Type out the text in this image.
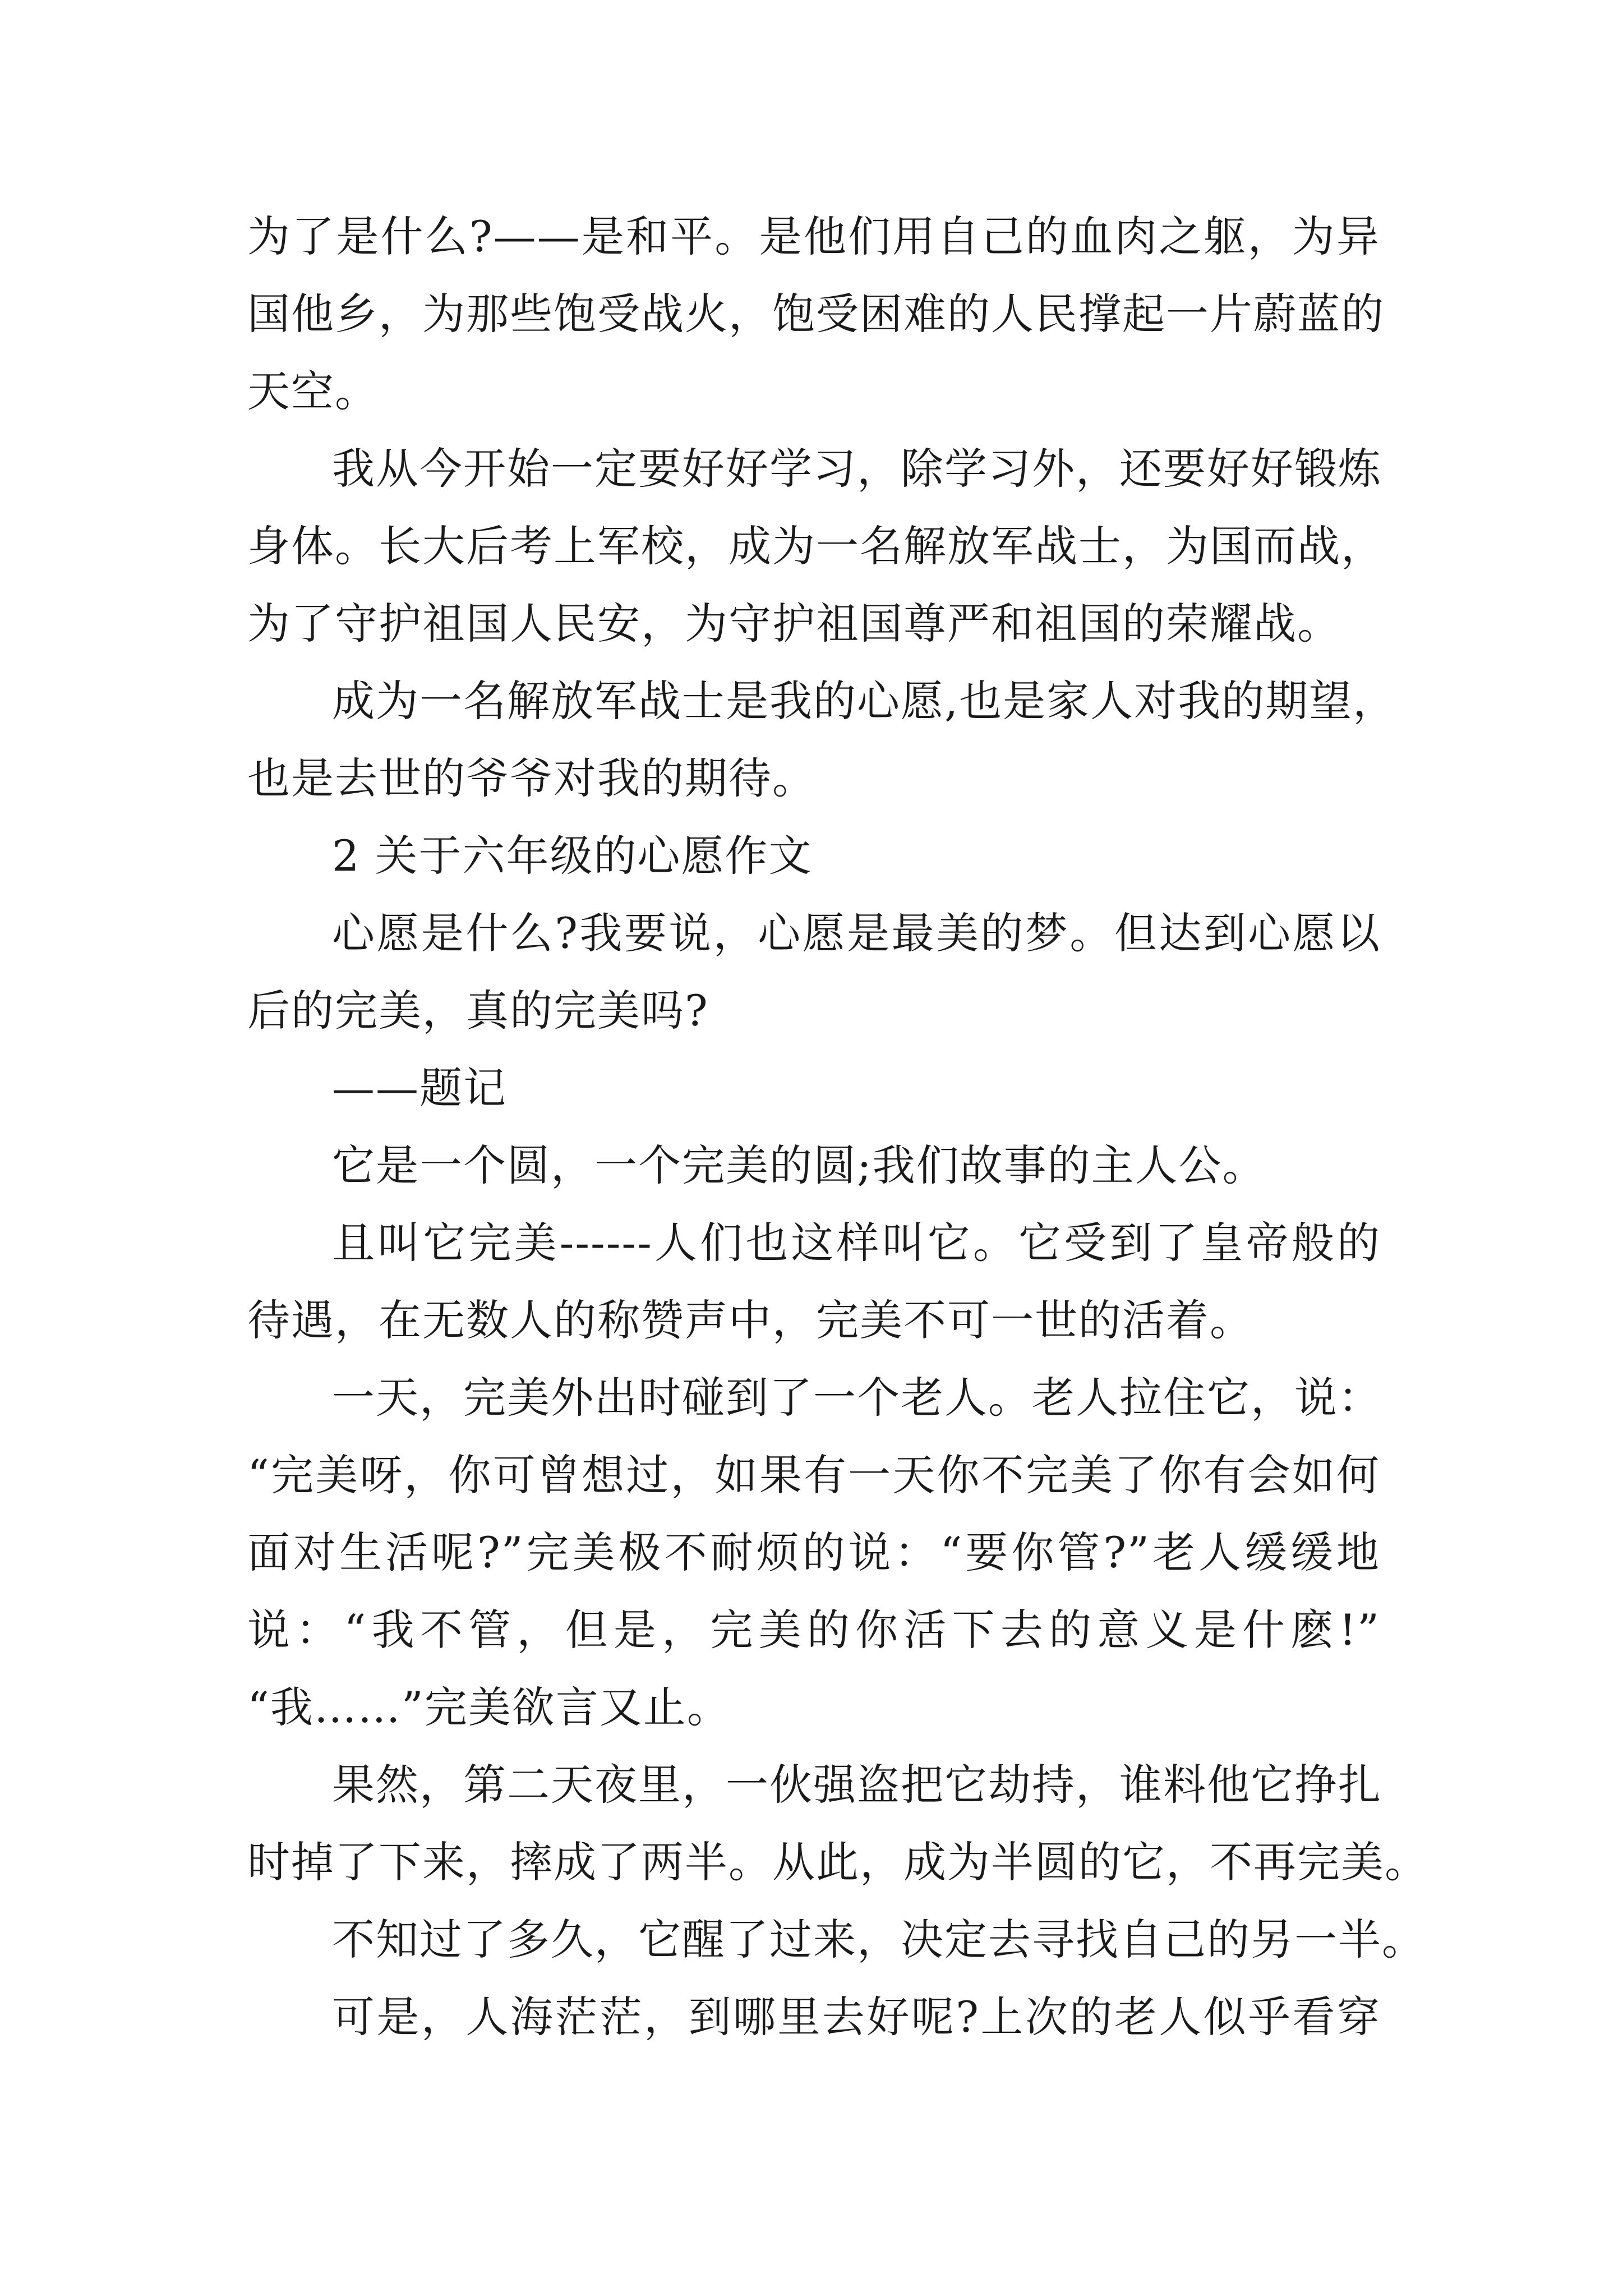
为了是什么?——是和平。是他们用自己的血肉之躯，为异
国他乡，为那些饱受战火，饱受困难的人民撑起一片蔚蓝的
天空。
我从今开始一定要好好学习，除学习外，还要好好锻炼
身体。长大后考上军校，成为一名解放军战士，为国而战，
为了守护祖国人民安，为守护祖国尊严和祖国的荣耀战。
成为一名解放军战士是我的心愿,也是家人对我的期望，
也是去世的爷爷对我的期待。
2 关于六年级的心愿作文
心愿是什么?我要说，心愿是最美的梦。但达到心愿以
后的完美，真的完美吗?
——题记
它是一个圆，一个完美的圆;我们故事的主人公。
且叫它完美------人们也这样叫它。它受到了皇帝般的
待遇，在无数人的称赞声中，完美不可一世的活着。
一天，完美外出时碰到了一个老人。老人拉住它，说：
“完美呀，你可曾想过，如果有一天你不完美了你有会如何
面对生活呢?”完美极不耐烦的说：“要你管?”老人缓缓地
说：“我不管，但是，完美的你活下去的意义是什麽!”
“我……”完美欲言又止。
果然，第二天夜里，一伙强盗把它劫持，谁料他它挣扎
时掉了下来，摔成了两半。从此，成为半圆的它，不再完美。
不知过了多久，它醒了过来，决定去寻找自己的另一半。
可是，人海茫茫，到哪里去好呢?上次的老人似乎看穿
